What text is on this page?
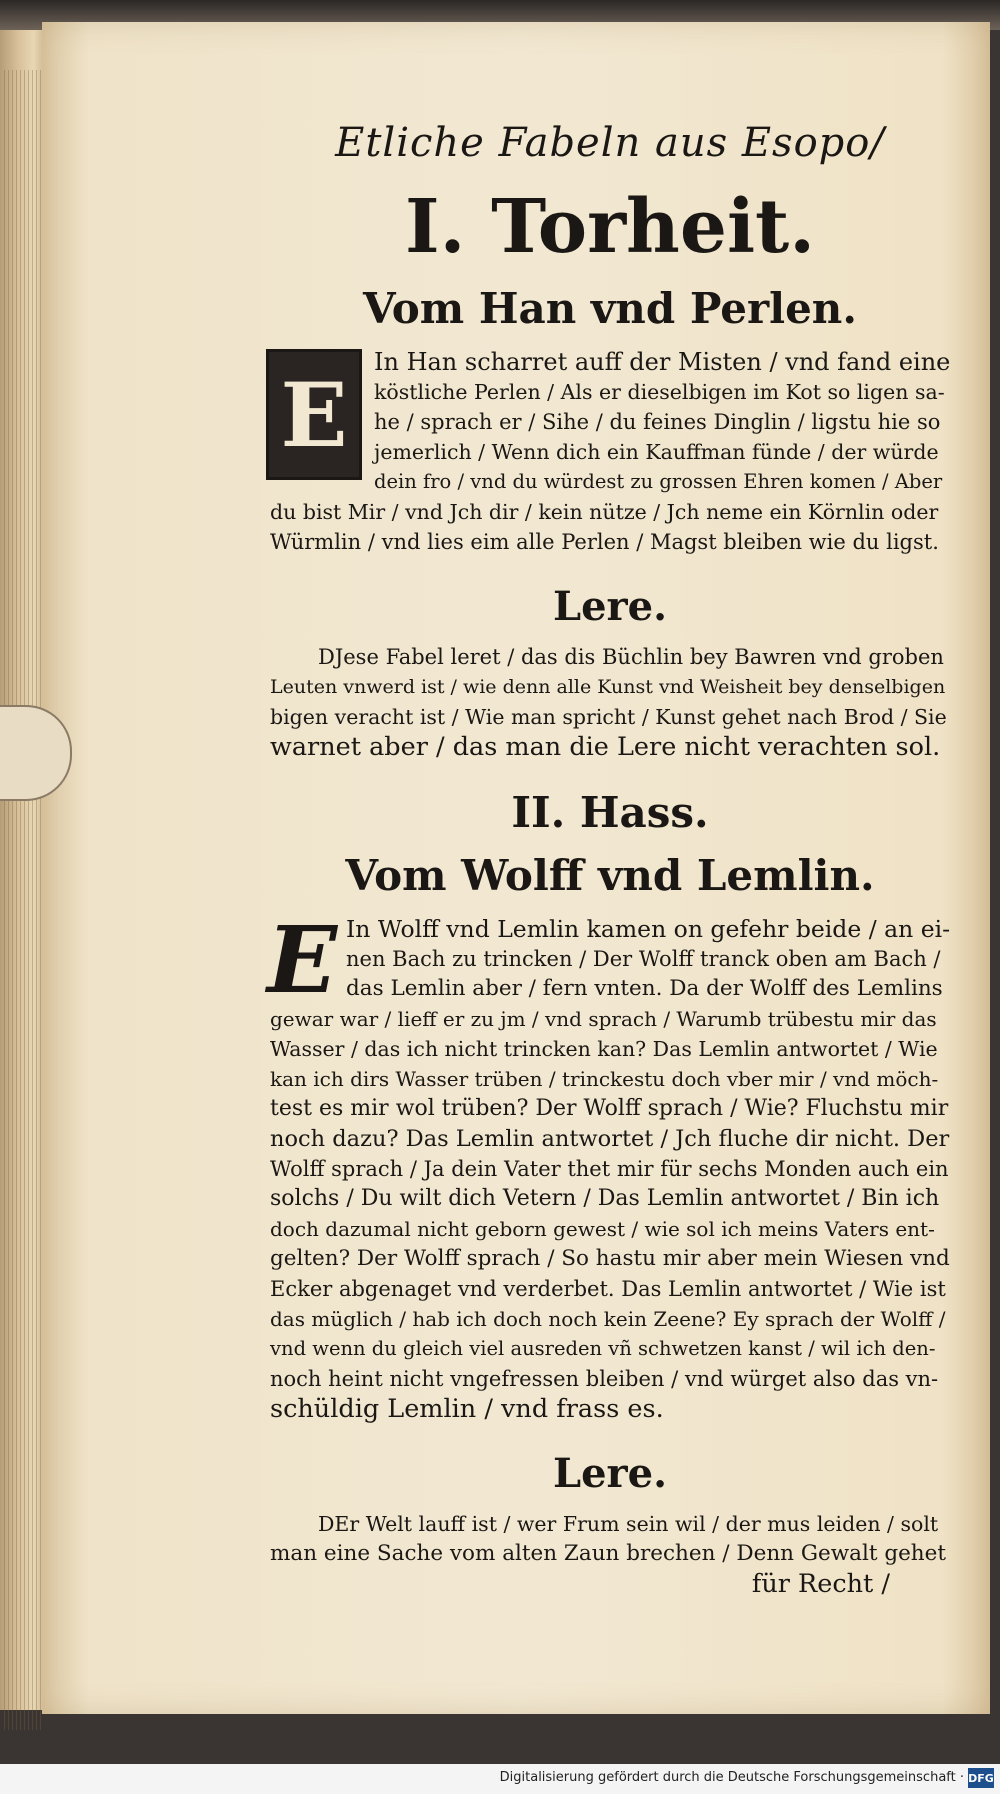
Etliche Fabeln aus Esopo/
I. Torheit.
Vom Han vnd Perlen.
E

In Han scharret auff der Misten / vnd fand eine
köstliche Perlen / Als er dieselbigen im Kot so ligen sa-
he / sprach er / Sihe / du feines Dinglin / ligstu hie so
jemerlich / Wenn dich ein Kauffman fünde / der würde
dein fro / vnd du würdest zu grossen Ehren komen / Aber
du bist Mir / vnd Jch dir / kein nütze / Jch neme ein Körnlin oder
Würmlin / vnd lies eim alle Perlen / Magst bleiben wie du ligst.

Lere.

DJese Fabel leret / das dis Büchlin bey Bawren vnd groben
Leuten vnwerd ist / wie denn alle Kunst vnd Weisheit bey denselbigen
bigen veracht ist / Wie man spricht / Kunst gehet nach Brod / Sie
warnet aber / das man die Lere nicht verachten sol.

II. Hass.
Vom Wolff vnd Lemlin.
E In Wolff vnd Lemlin kamen on gefehr beide / an ei-
nen Bach zu trincken / Der Wolff tranck oben am Bach /
das Lemlin aber / fern vnten. Da der Wolff des Lemlins
gewar war / lieff er zu jm / vnd sprach / Warumb trübestu mir das
Wasser / das ich nicht trincken kan? Das Lemlin antwortet / Wie
kan ich dirs Wasser trüben / trinckestu doch vber mir / vnd möch-
test es mir wol trüben? Der Wolff sprach / Wie? Fluchstu mir
noch dazu? Das Lemlin antwortet / Jch fluche dir nicht. Der
Wolff sprach / Ja dein Vater thet mir für sechs Monden auch ein
solchs / Du wilt dich Vetern / Das Lemlin antwortet / Bin ich
doch dazumal nicht geborn gewest / wie sol ich meins Vaters ent-
gelten? Der Wolff sprach / So hastu mir aber mein Wiesen vnd
Ecker abgenaget vnd verderbet. Das Lemlin antwortet / Wie ist
das müglich / hab ich doch noch kein Zeene? Ey sprach der Wolff /
vnd wenn du gleich viel ausreden vñ schwetzen kanst / wil ich den-
noch heint nicht vngefressen bleiben / vnd würget also das vn-
schüldig Lemlin / vnd frass es.

Lere.

DEr Welt lauff ist / wer Frum sein wil / der mus leiden / solt
man eine Sache vom alten Zaun brechen / Denn Gewalt gehet
für Recht /

Digitalisierung gefördert durch die Deutsche Forschungsgemeinschaft · DFG
